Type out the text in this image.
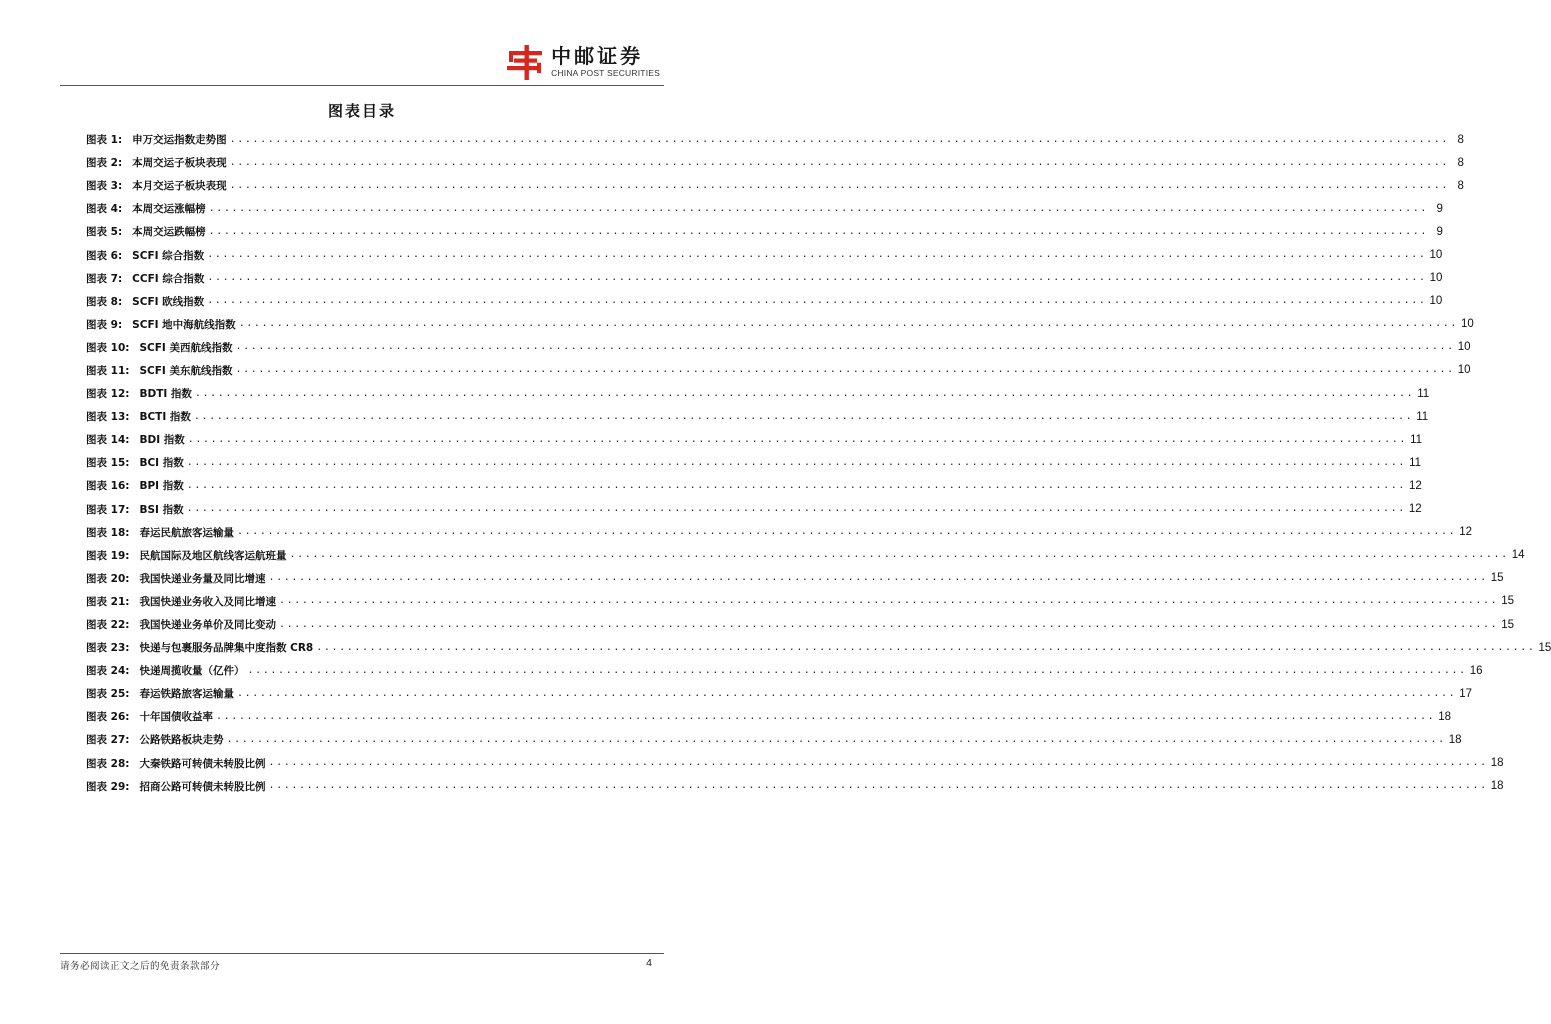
中邮证券
CHINA POST SECURITIES
图表目录
图表 1: 申万交运指数走势图 ................................................................................................................................................................ 8
图表 2: 本周交运子板块表现 ................................................................................................................................................................ 8
图表 3: 本月交运子板块表现 ................................................................................................................................................................ 8
图表 4: 本周交运涨幅榜 ................................................................................................................................................................ 9
图表 5: 本周交运跌幅榜 ................................................................................................................................................................ 9
图表 6: SCFI 综合指数 ................................................................................................................................................................ 10
图表 7: CCFI 综合指数 ................................................................................................................................................................ 10
图表 8: SCFI 欧线指数 ................................................................................................................................................................ 10
图表 9: SCFI 地中海航线指数 ................................................................................................................................................................ 10
图表 10: SCFI 美西航线指数 ................................................................................................................................................................ 10
图表 11: SCFI 美东航线指数 ................................................................................................................................................................ 10
图表 12: BDTI 指数 ................................................................................................................................................................ 11
图表 13: BCTI 指数 ................................................................................................................................................................ 11
图表 14: BDI 指数 ................................................................................................................................................................ 11
图表 15: BCI 指数 ................................................................................................................................................................ 11
图表 16: BPI 指数 ................................................................................................................................................................ 12
图表 17: BSI 指数 ................................................................................................................................................................ 12
图表 18: 春运民航旅客运输量 ................................................................................................................................................................ 12
图表 19: 民航国际及地区航线客运航班量 ................................................................................................................................................................ 14
图表 20: 我国快递业务量及同比增速 ................................................................................................................................................................ 15
图表 21: 我国快递业务收入及同比增速 ................................................................................................................................................................ 15
图表 22: 我国快递业务单价及同比变动 ................................................................................................................................................................ 15
图表 23: 快递与包裹服务品牌集中度指数 CR8 ................................................................................................................................................................ 15
图表 24: 快递周揽收量（亿件） ................................................................................................................................................................ 16
图表 25: 春运铁路旅客运输量 ................................................................................................................................................................ 17
图表 26: 十年国债收益率 ................................................................................................................................................................ 18
图表 27: 公路铁路板块走势 ................................................................................................................................................................ 18
图表 28: 大秦铁路可转债未转股比例 ................................................................................................................................................................ 18
图表 29: 招商公路可转债未转股比例 ................................................................................................................................................................ 18
请务必阅读正文之后的免责条款部分	4
